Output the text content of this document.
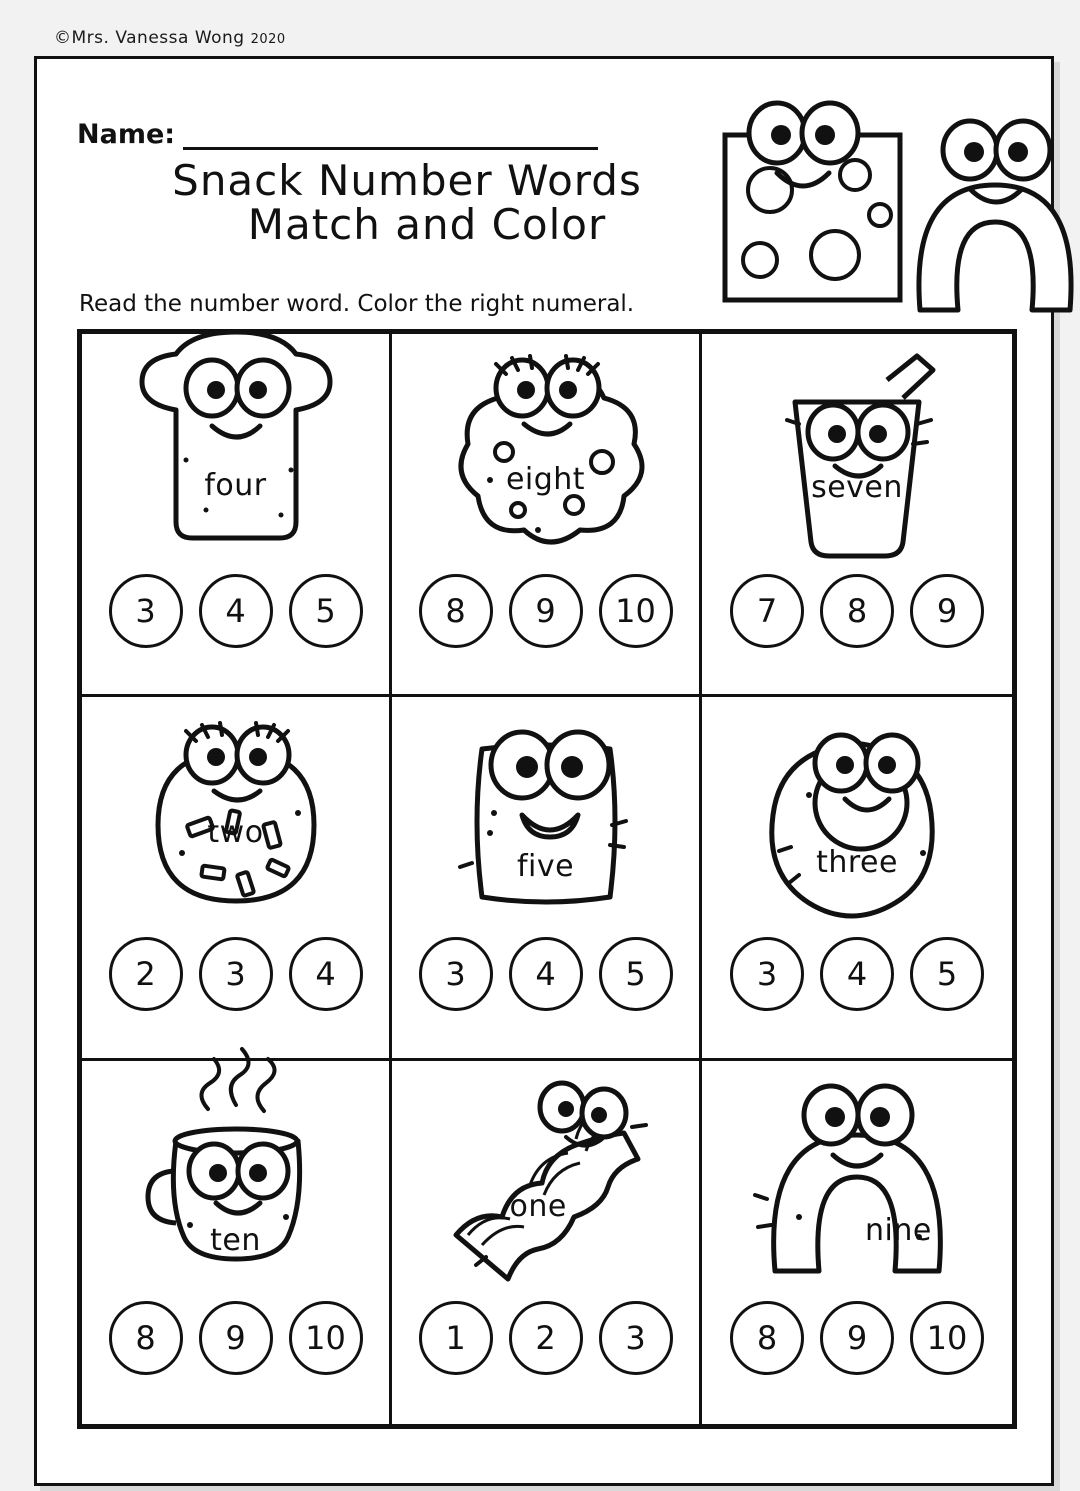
©Mrs. Vanessa Wong 2020
Name:
Snack Number Words
Match and Color
Read the number word. Color the right numeral.
four
3	4	5
eight
8	9	10
seven
7	8	9
two
2	3	4
five
3	4	5
three
3	4	5
ten
8	9	10
one
1	2	3
nine
8	9	10
